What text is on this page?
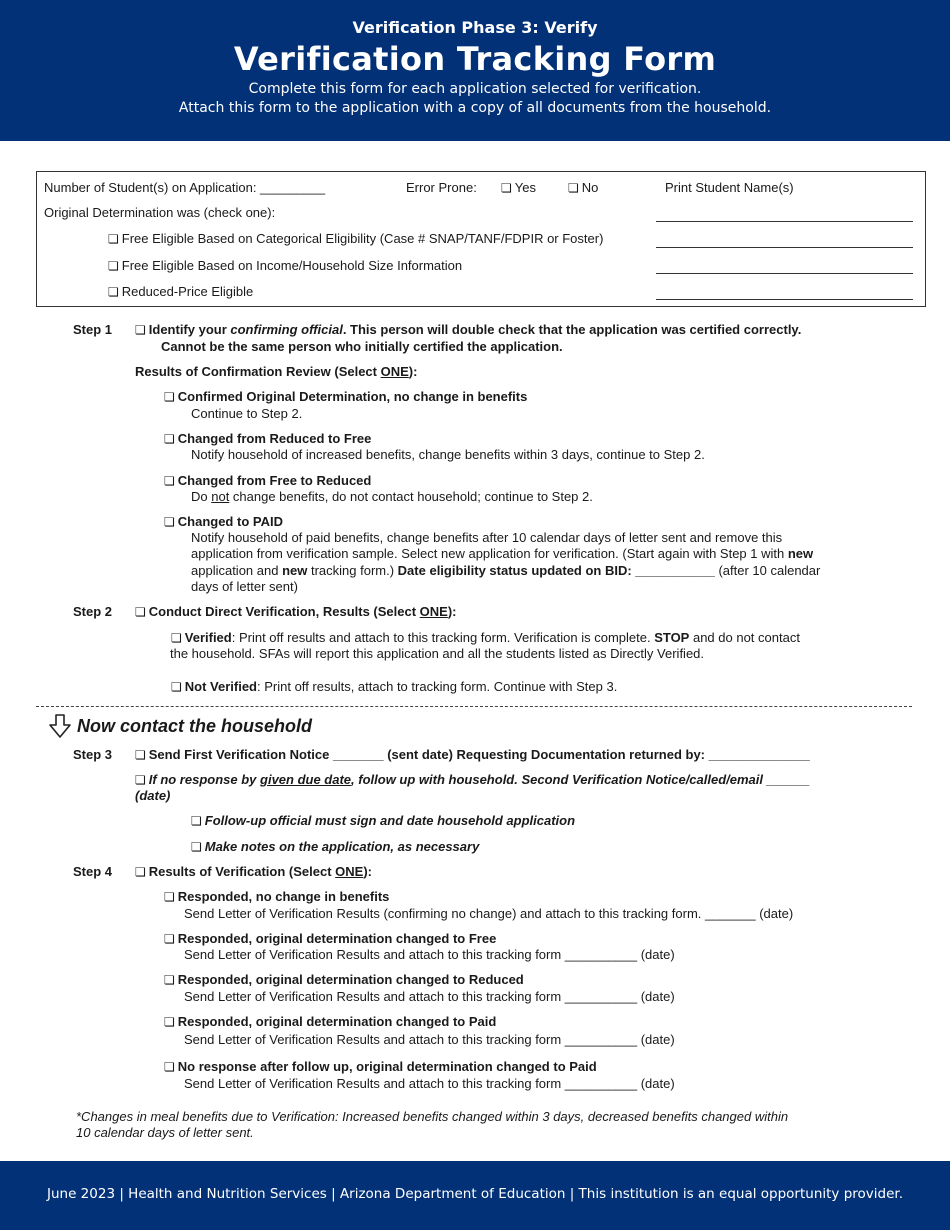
Verification Phase 3: Verify
Verification Tracking Form
Complete this form for each application selected for verification.
Attach this form to the application with a copy of all documents from the household.
Number of Student(s) on Application: _________	Error Prone:	❏ Yes	❏ No	Print Student Name(s)
Original Determination was (check one):
❏ Free Eligible Based on Categorical Eligibility (Case # SNAP/TANF/FDPIR or Foster)
❏ Free Eligible Based on Income/Household Size Information
❏ Reduced-Price Eligible
Step 1	❏ Identify your confirming official. This person will double check that the application was certified correctly.
Cannot be the same person who initially certified the application.
Results of Confirmation Review (Select ONE):
❏ Confirmed Original Determination, no change in benefits
Continue to Step 2.
❏ Changed from Reduced to Free
Notify household of increased benefits, change benefits within 3 days, continue to Step 2.
❏ Changed from Free to Reduced
Do not change benefits, do not contact household; continue to Step 2.
❏ Changed to PAID
Notify household of paid benefits, change benefits after 10 calendar days of letter sent and remove this
application from verification sample. Select new application for verification. (Start again with Step 1 with new
application and new tracking form.) Date eligibility status updated on BID: ___________ (after 10 calendar
days of letter sent)
Step 2	❏ Conduct Direct Verification, Results (Select ONE):
❏ Verified: Print off results and attach to this tracking form. Verification is complete. STOP and do not contact
the household. SFAs will report this application and all the students listed as Directly Verified.
❏ Not Verified: Print off results, attach to tracking form. Continue with Step 3.
Now contact the household
Step 3	❏ Send First Verification Notice _______ (sent date) Requesting Documentation returned by: ______________
❏ If no response by given due date, follow up with household. Second Verification Notice/called/email ______
(date)
❏ Follow-up official must sign and date household application
❏ Make notes on the application, as necessary
Step 4	❏ Results of Verification (Select ONE):
❏ Responded, no change in benefits
Send Letter of Verification Results (confirming no change) and attach to this tracking form. _______ (date)
❏ Responded, original determination changed to Free
Send Letter of Verification Results and attach to this tracking form __________ (date)
❏ Responded, original determination changed to Reduced
Send Letter of Verification Results and attach to this tracking form __________ (date)
❏ Responded, original determination changed to Paid
Send Letter of Verification Results and attach to this tracking form __________ (date)
❏ No response after follow up, original determination changed to Paid
Send Letter of Verification Results and attach to this tracking form __________ (date)
*Changes in meal benefits due to Verification: Increased benefits changed within 3 days, decreased benefits changed within
10 calendar days of letter sent.
June 2023 | Health and Nutrition Services | Arizona Department of Education | This institution is an equal opportunity provider.
